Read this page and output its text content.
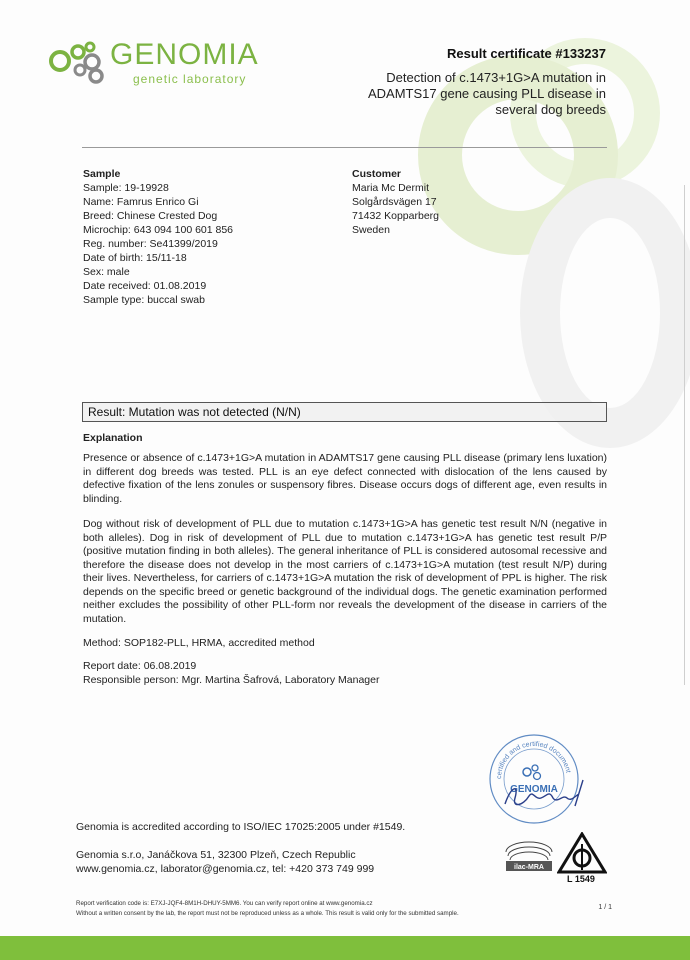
GENOMIA
genetic laboratory
Result certificate #133237
Detection of c.1473+1G>A mutation in ADAMTS17 gene causing PLL disease in several dog breeds
Sample
Sample: 19-19928
Name: Famrus Enrico Gi
Breed: Chinese Crested Dog
Microchip: 643 094 100 601 856
Reg. number: Se41399/2019
Date of birth: 15/11-18
Sex: male
Date received: 01.08.2019
Sample type: buccal swab
Customer
Maria Mc Dermit
Solgårdsvägen 17
71432 Kopparberg
Sweden
Result: Mutation was not detected (N/N)
Explanation
Presence or absence of c.1473+1G>A mutation in ADAMTS17 gene causing PLL disease (primary lens luxation) in different dog breeds was tested. PLL is an eye defect connected with dislocation of the lens caused by defective fixation of the lens zonules or suspensory fibres. Disease occurs dogs of different age, even results in blinding.
Dog without risk of development of PLL due to mutation c.1473+1G>A has genetic test result N/N (negative in both alleles). Dog in risk of development of PLL due to mutation c.1473+1G>A has genetic test result P/P (positive mutation finding in both alleles). The general inheritance of PLL is considered autosomal recessive and therefore the disease does not develop in the most carriers of c.1473+1G>A mutation (test result N/P) during their lives. Nevertheless, for carriers of c.1473+1G>A mutation the risk of development of PPL is higher. The risk depends on the specific breed or genetic background of the individual dogs. The genetic examination performed neither excludes the possibility of other PLL-form nor reveals the development of the disease in carriers of the mutation.
Method: SOP182-PLL, HRMA, accredited method
Report date: 06.08.2019
Responsible person: Mgr. Martina Šafrová, Laboratory Manager
certified and certified document
GENOMIA
Genomia is accredited according to ISO/IEC 17025:2005 under #1549.
Genomia s.r.o, Janáčkova 51, 32300 Plzeň, Czech Republic
www.genomia.cz, laborator@genomia.cz, tel: +420 373 749 999	ilac-MRA
L 1549
Report verification code is: E7XJ-JQF4-8M1H-DHUY-5MM6. You can verify report online at www.genomia.cz
Without a written consent by the lab, the report must not be reproduced unless as a whole. This result is valid only for the submitted sample.
1 / 1
